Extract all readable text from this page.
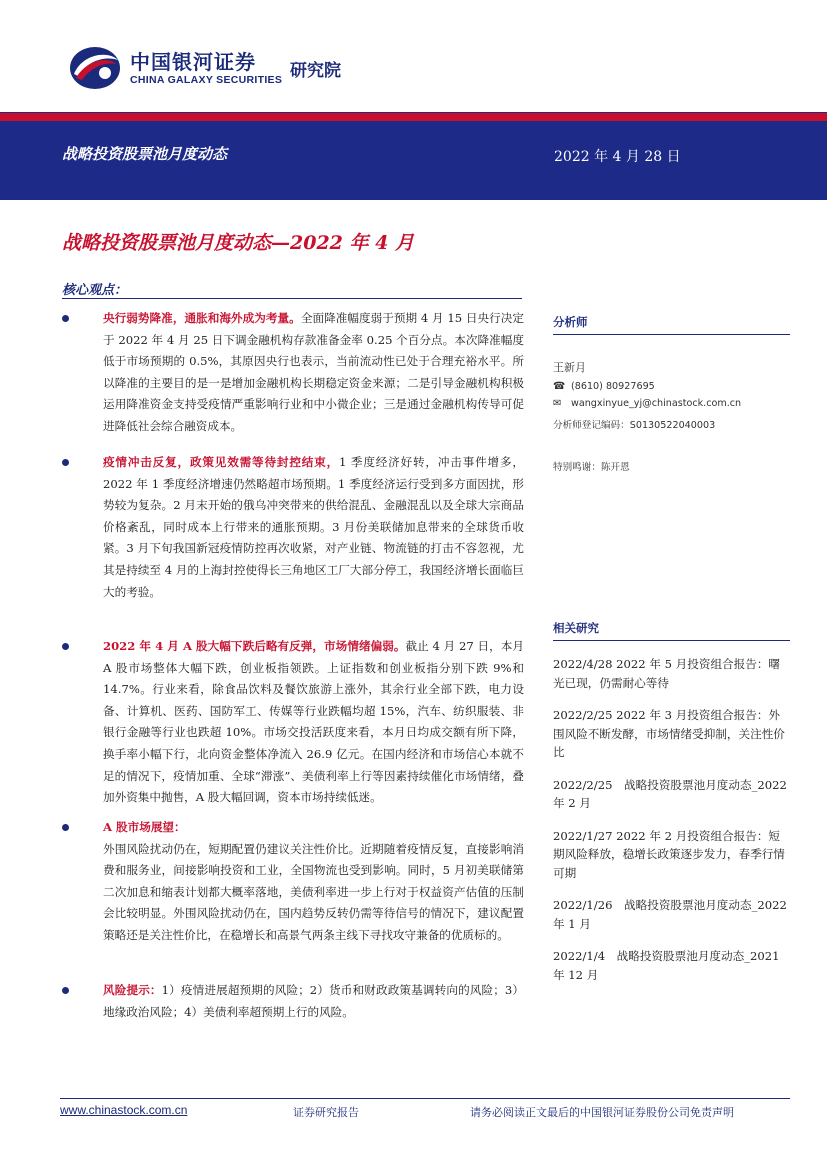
中国银河证券
CHINA GALAXY SECURITIES 研究院
战略投资股票池月度动态	2022 年 4 月 28 日
战略投资股票池月度动态—2022 年 4 月
核心观点：
央行弱势降准，通胀和海外成为考量。全面降准幅度弱于预期 4 月 15 日央行决定于 2022 年 4 月 25 日下调金融机构存款准备金率 0.25 个百分点。本次降准幅度低于市场预期的 0.5%，其原因央行也表示，当前流动性已处于合理充裕水平。所以降准的主要目的是一是增加金融机构长期稳定资金来源；二是引导金融机构积极运用降准资金支持受疫情严重影响行业和中小微企业；三是通过金融机构传导可促进降低社会综合融资成本。
疫情冲击反复，政策见效需等待封控结束，1 季度经济好转，冲击事件增多，2022 年 1 季度经济增速仍然略超市场预期。1 季度经济运行受到多方面因扰，形势较为复杂。2 月末开始的俄乌冲突带来的供给混乱、金融混乱以及全球大宗商品价格紊乱，同时成本上行带来的通胀预期。3 月份美联储加息带来的全球货币收紧。3 月下旬我国新冠疫情防控再次收紧，对产业链、物流链的打击不容忽视，尤其是持续至 4 月的上海封控使得长三角地区工厂大部分停工，我国经济增长面临巨大的考验。
2022 年 4 月 A 股大幅下跌后略有反弹，市场情绪偏弱。截止 4 月 27 日，本月 A 股市场整体大幅下跌，创业板指领跌。上证指数和创业板指分别下跌 9%和 14.7%。行业来看，除食品饮料及餐饮旅游上涨外，其余行业全部下跌，电力设备、计算机、医药、国防军工、传媒等行业跌幅均超 15%，汽车、纺织服装、非银行金融等行业也跌超 10%。市场交投活跃度来看，本月日均成交额有所下降，换手率小幅下行，北向资金整体净流入 26.9 亿元。在国内经济和市场信心本就不足的情况下，疫情加重、全球“滞涨”、美债利率上行等因素持续催化市场情绪，叠加外资集中抛售，A 股大幅回调，资本市场持续低迷。
A 股市场展望：
外围风险扰动仍在，短期配置仍建议关注性价比。近期随着疫情反复，直接影响消费和服务业，间接影响投资和工业，全国物流也受到影响。同时，5 月初美联储第二次加息和缩表计划都大概率落地，美债利率进一步上行对于权益资产估值的压制会比较明显。外围风险扰动仍在，国内趋势反转仍需等待信号的情况下，建议配置策略还是关注性价比，在稳增长和高景气两条主线下寻找攻守兼备的优质标的。
风险提示：1）疫情进展超预期的风险；2）货币和财政政策基调转向的风险；3）地缘政治风险；4）美债利率超预期上行的风险。
分析师
王新月
☎ (8610) 80927695
✉	wangxinyue_yj@chinastock.com.cn
分析师登记编码：S0130522040003
特别鸣谢：陈开恩
相关研究
2022/4/28 2022 年 5 月投资组合报告：曙光已现，仍需耐心等待
2022/2/25 2022 年 3 月投资组合报告：外围风险不断发酵，市场情绪受抑制，关注性价比
2022/2/25　战略投资股票池月度动态_2022 年 2 月
2022/1/27 2022 年 2 月投资组合报告：短期风险释放，稳增长政策逐步发力，春季行情可期
2022/1/26　战略投资股票池月度动态_2022 年 1 月
2022/1/4　战略投资股票池月度动态_2021 年 12 月
www.chinastock.com.cn	证券研究报告	请务必阅读正文最后的中国银河证券股份公司免责声明
